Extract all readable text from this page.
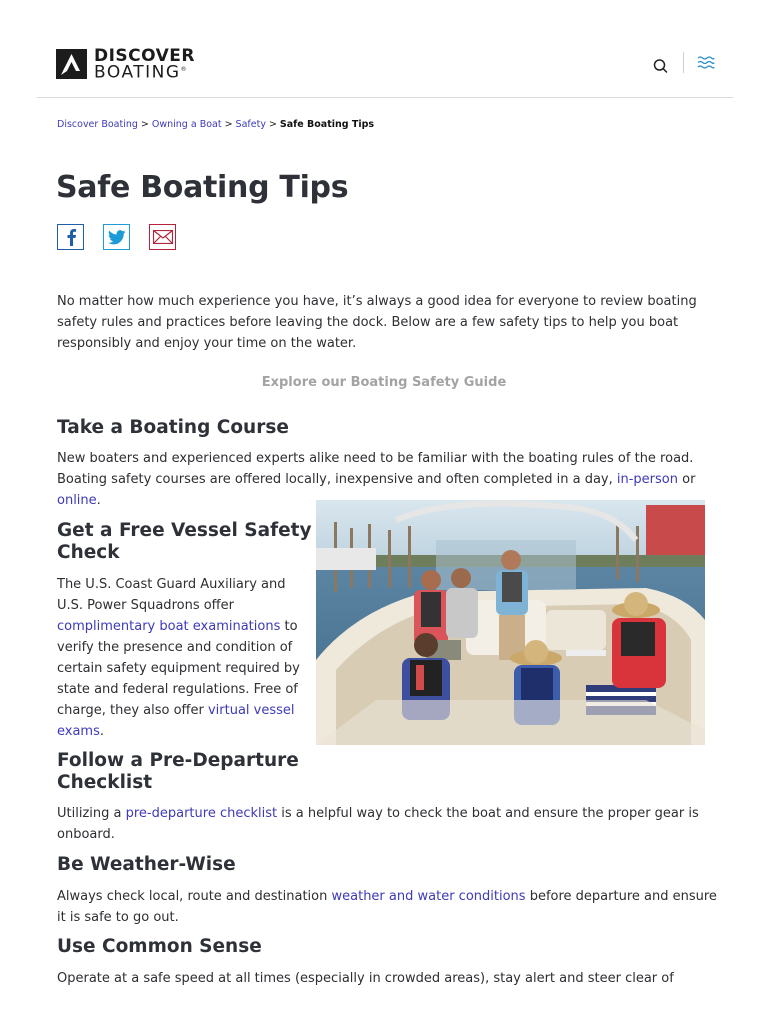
DISCOVER
BOATING®
Discover Boating > Owning a Boat > Safety > Safe Boating Tips
Safe Boating Tips

No matter how much experience you have, it’s always a good idea for everyone to review boating safety rules and practices before leaving the dock. Below are a few safety tips to help you boat responsibly and enjoy your time on the water.

Explore our Boating Safety Guide
Take a Boating Course

New boaters and experienced experts alike need to be familiar with the boating rules of the road. Boating safety courses are offered locally, inexpensive and often completed in a day, in-person or online.

Get a Free Vessel Safety Check

The U.S. Coast Guard Auxiliary and U.S. Power Squadrons offer complimentary boat examinations to verify the presence and condition of certain safety equipment required by state and federal regulations. Free of charge, they also offer virtual vessel exams.

Follow a Pre-Departure Checklist

Utilizing a pre-departure checklist is a helpful way to check the boat and ensure the proper gear is onboard.

Be Weather-Wise

Always check local, route and destination weather and water conditions before departure and ensure it is safe to go out.

Use Common Sense

Operate at a safe speed at all times (especially in crowded areas), stay alert and steer clear of
